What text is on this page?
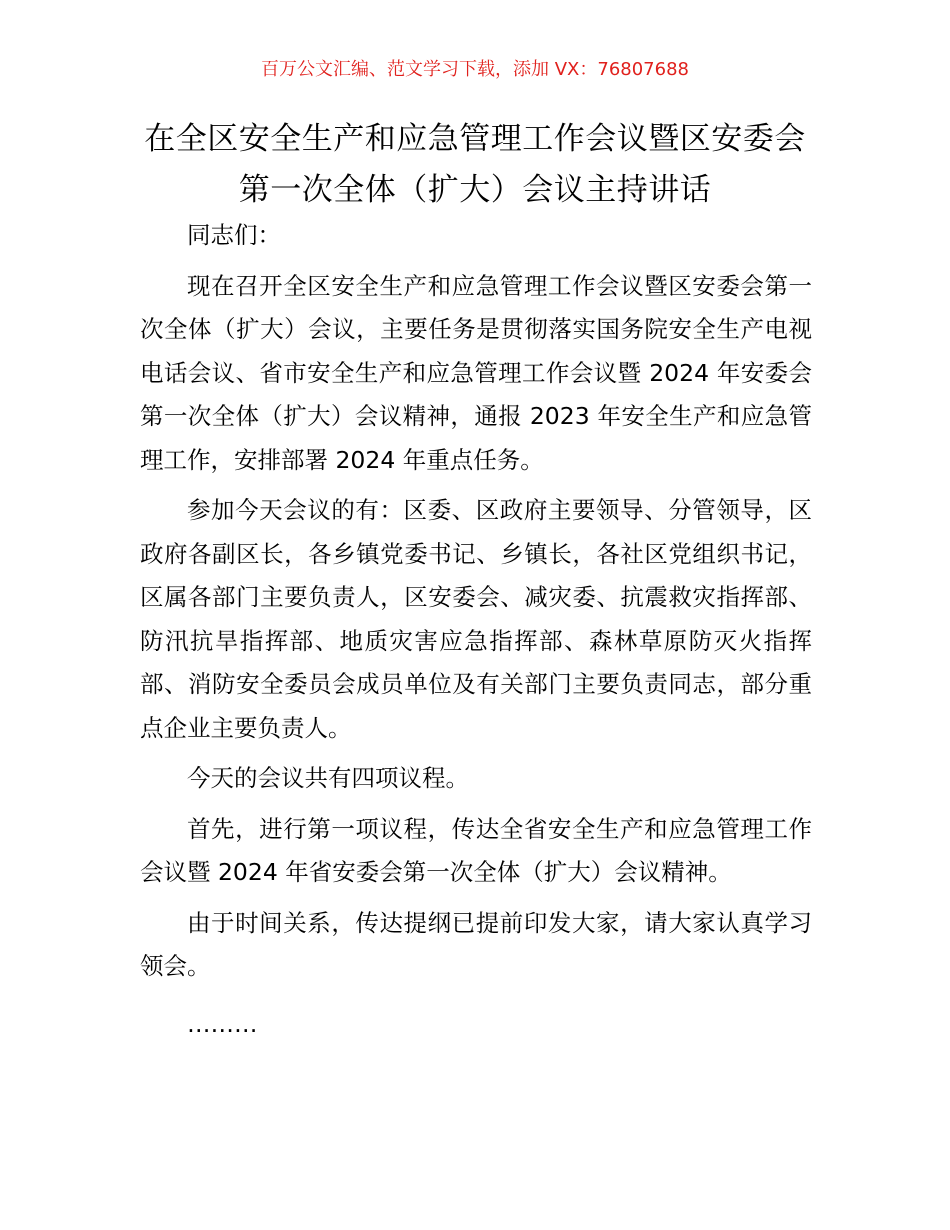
百万公文汇编、范文学习下载，添加 VX：76807688
在全区安全生产和应急管理工作会议暨区安委会第一次全体（扩大）会议主持讲话

同志们：

现在召开全区安全生产和应急管理工作会议暨区安委会第一次全体（扩大）会议，主要任务是贯彻落实国务院安全生产电视电话会议、省市安全生产和应急管理工作会议暨 2024 年安委会第一次全体（扩大）会议精神，通报 2023 年安全生产和应急管理工作，安排部署 2024 年重点任务。

参加今天会议的有：区委、区政府主要领导、分管领导，区政府各副区长，各乡镇党委书记、乡镇长，各社区党组织书记，区属各部门主要负责人，区安委会、减灾委、抗震救灾指挥部、防汛抗旱指挥部、地质灾害应急指挥部、森林草原防灭火指挥部、消防安全委员会成员单位及有关部门主要负责同志，部分重点企业主要负责人。

今天的会议共有四项议程。

首先，进行第一项议程，传达全省安全生产和应急管理工作会议暨 2024 年省安委会第一次全体（扩大）会议精神。

由于时间关系，传达提纲已提前印发大家，请大家认真学习领会。

………
